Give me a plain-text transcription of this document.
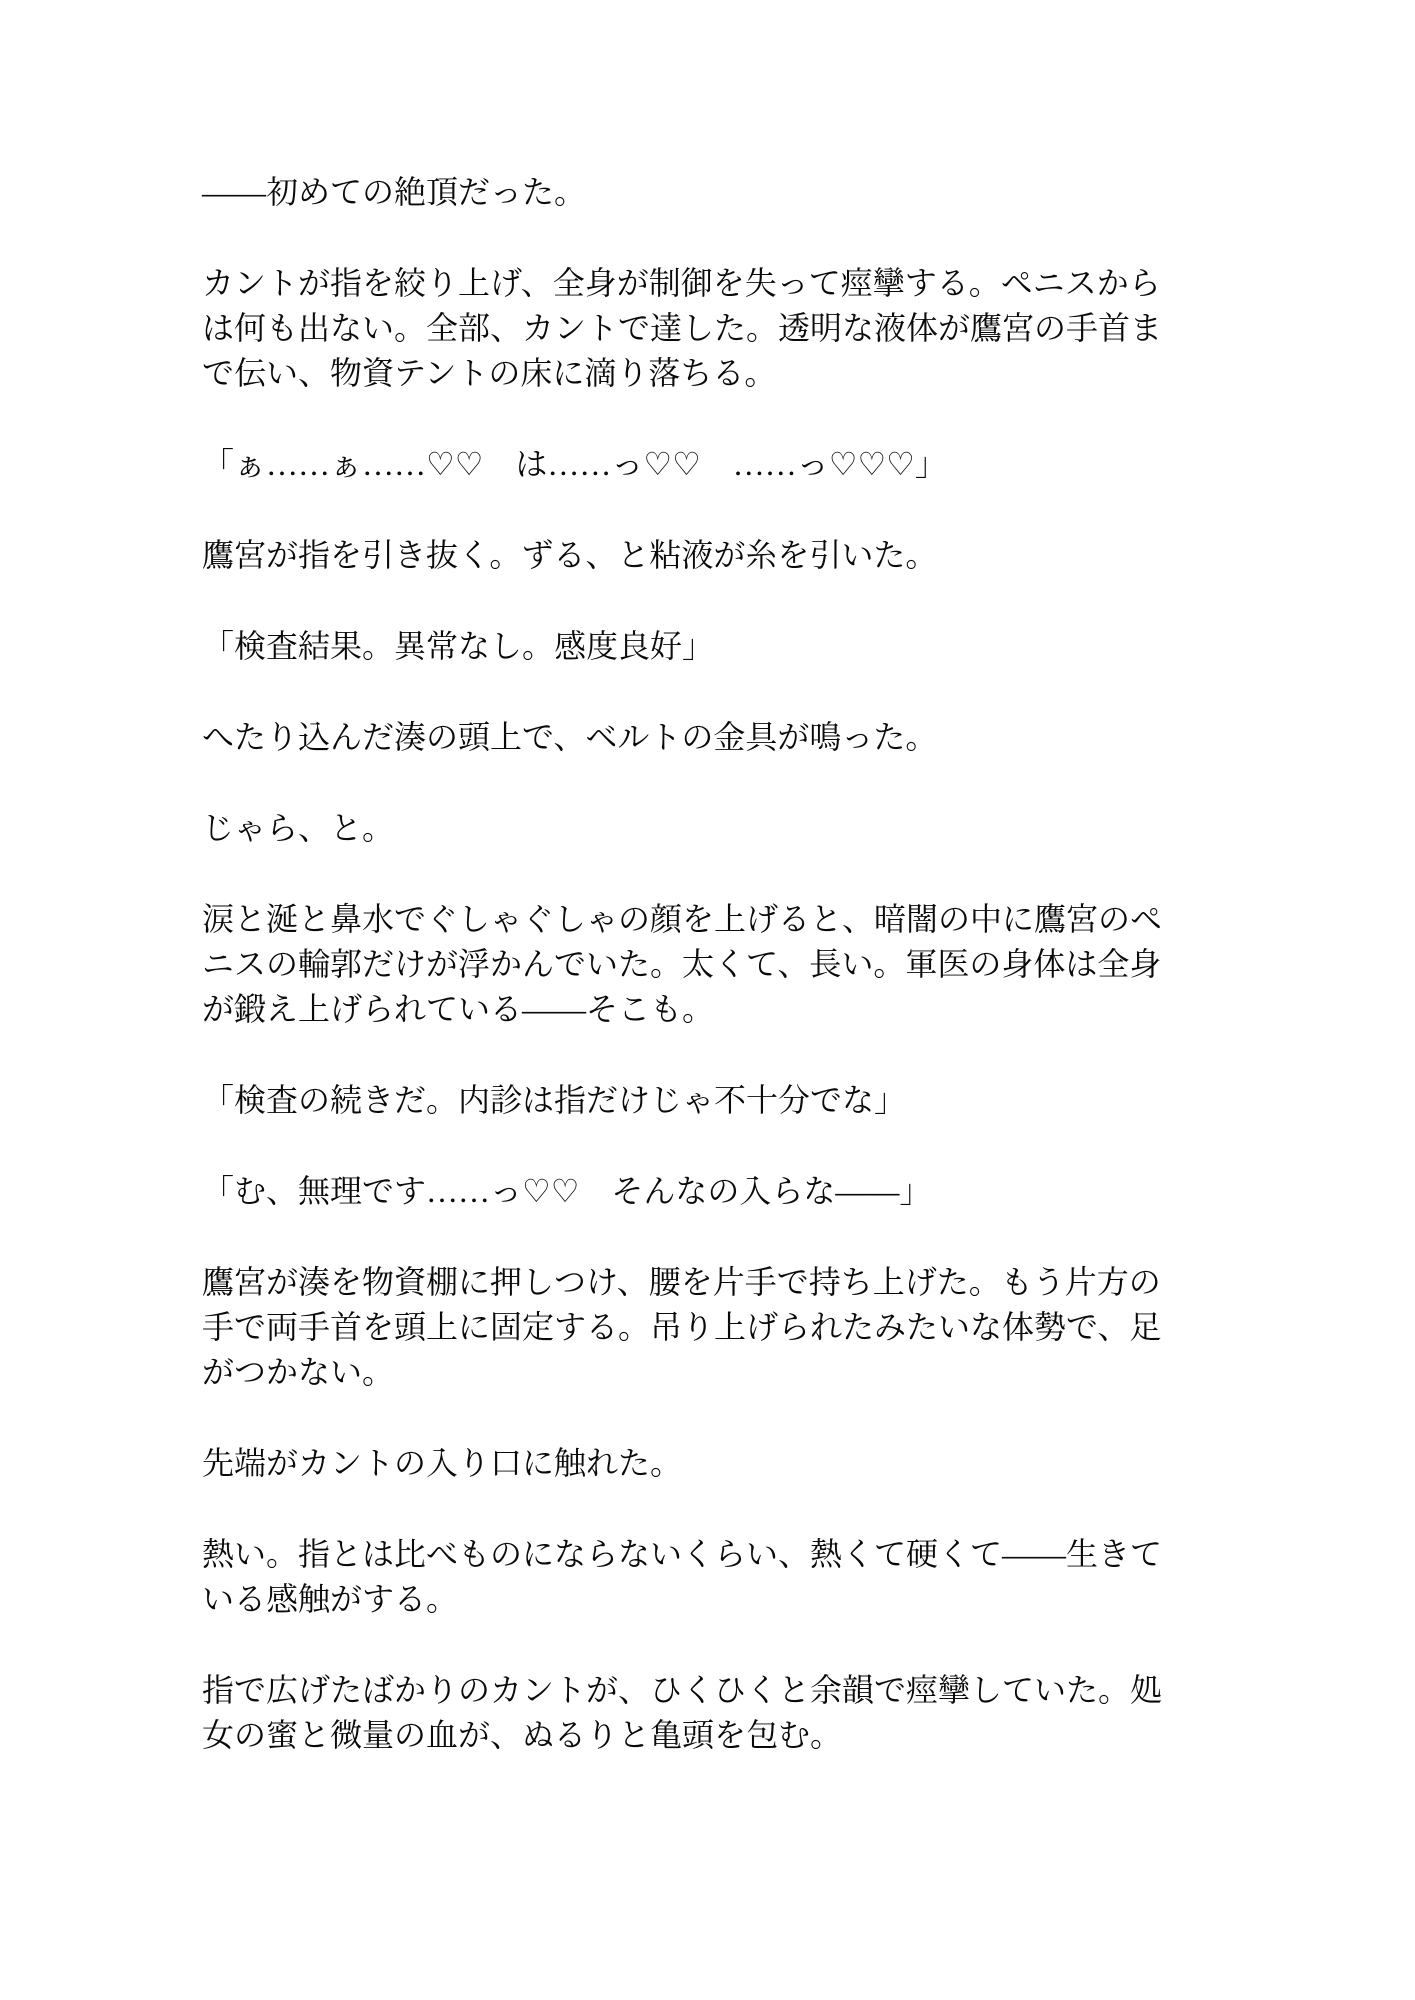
——初めての絶頂だった。

カントが指を絞り上げ、全身が制御を失って痙攣する。ペニスから
は何も出ない。全部、カントで達した。透明な液体が鷹宮の手首ま
で伝い、物資テントの床に滴り落ちる。

「ぁ……ぁ……♡♡　は……っ♡♡　……っ♡♡♡」

鷹宮が指を引き抜く。ずる、と粘液が糸を引いた。

「検査結果。異常なし。感度良好」

へたり込んだ湊の頭上で、ベルトの金具が鳴った。

じゃら、と。

涙と涎と鼻水でぐしゃぐしゃの顔を上げると、暗闇の中に鷹宮のペ
ニスの輪郭だけが浮かんでいた。太くて、長い。軍医の身体は全身
が鍛え上げられている——そこも。

「検査の続きだ。内診は指だけじゃ不十分でな」

「む、無理です……っ♡♡　そんなの入らな——」

鷹宮が湊を物資棚に押しつけ、腰を片手で持ち上げた。もう片方の
手で両手首を頭上に固定する。吊り上げられたみたいな体勢で、足
がつかない。

先端がカントの入り口に触れた。

熱い。指とは比べものにならないくらい、熱くて硬くて——生きて
いる感触がする。

指で広げたばかりのカントが、ひくひくと余韻で痙攣していた。処
女の蜜と微量の血が、ぬるりと亀頭を包む。
